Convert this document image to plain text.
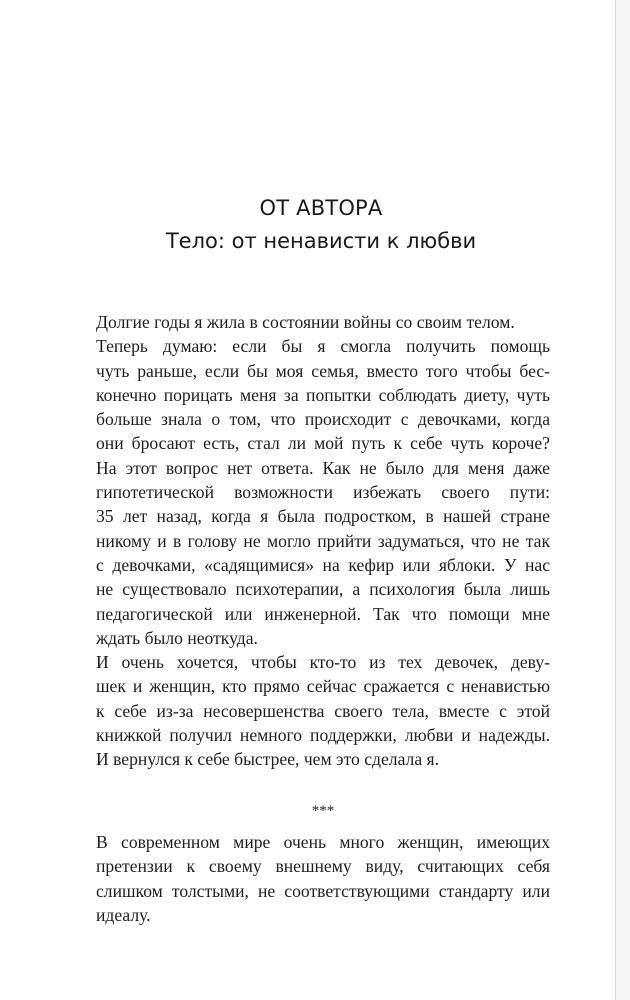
ОТ АВТОРА
Тело: от ненависти к любви
Долгие годы я жила в состоянии войны со своим телом.
Теперь думаю: если бы я смогла получить помощь
чуть раньше, если бы моя семья, вместо того чтобы бес-
конечно порицать меня за попытки соблюдать диету, чуть
больше знала о том, что происходит с девочками, когда
они бросают есть, стал ли мой путь к себе чуть короче?
На этот вопрос нет ответа. Как не было для меня даже
гипотетической возможности избежать своего пути:
35 лет назад, когда я была подростком, в нашей стране
никому и в голову не могло прийти задуматься, что не так
с девочками, «садящимися» на кефир или яблоки. У нас
не существовало психотерапии, а психология была лишь
педагогической или инженерной. Так что помощи мне
ждать было неоткуда.
И очень хочется, чтобы кто-то из тех девочек, деву-
шек и женщин, кто прямо сейчас сражается с ненавистью
к себе из-за несовершенства своего тела, вместе с этой
книжкой получил немного поддержки, любви и надежды.
И вернулся к себе быстрее, чем это сделала я.

***

В современном мире очень много женщин, имеющих
претензии к своему внешнему виду, считающих себя
слишком толстыми, не соответствующими стандарту или
идеалу.
